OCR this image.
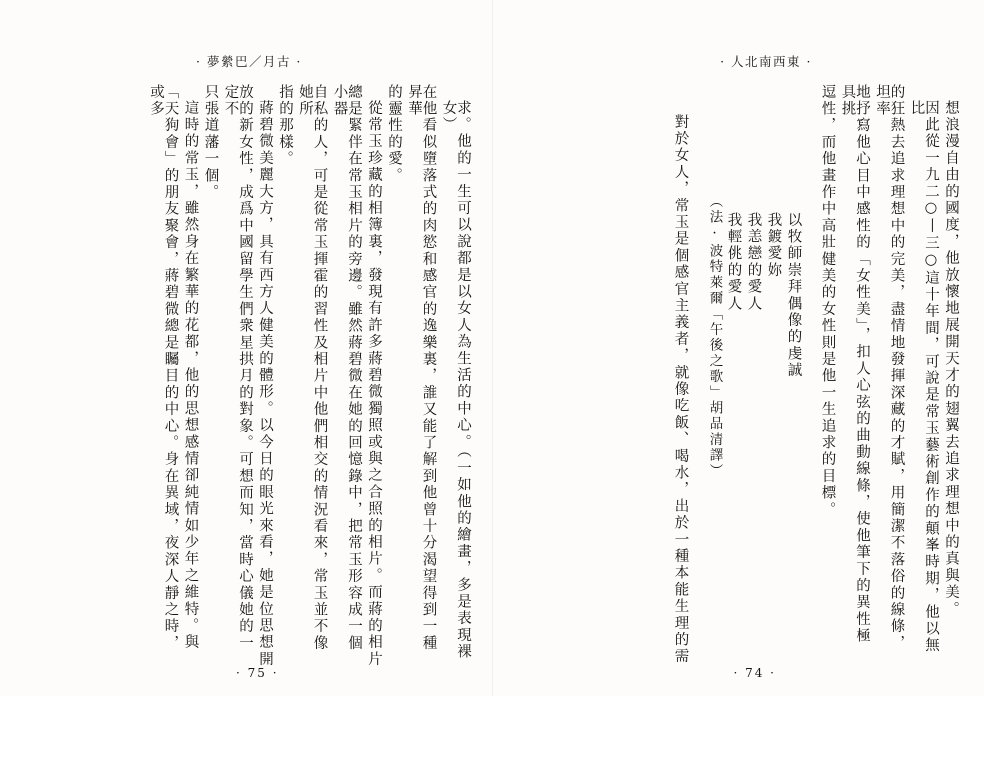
· 夢縈巴／月古 ·
求。他的一生可以說都是以女人為生活的中心。（一如他的繪畫，多是表現裸女）
在他看似墮落式的肉慾和感官的逸樂裏，誰又能了解到他曾十分渴望得到一種昇華
的靈性的愛。
從常玉珍藏的相簿裏，發現有許多蔣碧微獨照或與之合照的相片。而蔣的相片
總是緊伴在常玉相片的旁邊。雖然蔣碧微在她的回憶錄中，把常玉形容成一個小器
自私的人，可是從常玉揮霍的習性及相片中他們相交的情況看來，常玉並不像她所
指的那樣。
蔣碧微美麗大方，具有西方人健美的體形。以今日的眼光來看，她是位思想開
放的新女性，成爲中國留學生們衆星拱月的對象。可想而知，當時心儀她的一定不
只張道藩一個。
這時的常玉，雖然身在繁華的花都，他的思想感情卻純情如少年之維特。與
「天狗會」的朋友聚會，蔣碧微總是矚目的中心。身在異域，夜深人靜之時，或多
· 75 ·
· 人北南西東 ·
想浪漫自由的國度，他放懷地展開天才的翅翼去追求理想中的真與美。
因此從一九二○丨三○這十年間，可說是常玉藝術創作的顛峯時期，他以無比
的狂熱去追求理想中的完美，盡情地發揮深藏的才賦，用簡潔不落俗的線條，坦率
地抒寫他心目中感性的「女性美」，扣人心弦的曲動線條，使他筆下的異性極具挑
逗性，而他畫作中高壯健美的女性則是他一生追求的目標。
以牧師崇拜偶像的虔誠
我鍍愛妳
我恙戀的愛人
我輕佻的愛人
（法·波特萊爾「午後之歌」胡品清譯）
對於女人，常玉是個感官主義者，就像吃飯、喝水，出於一種本能生理的需
· 74 ·
